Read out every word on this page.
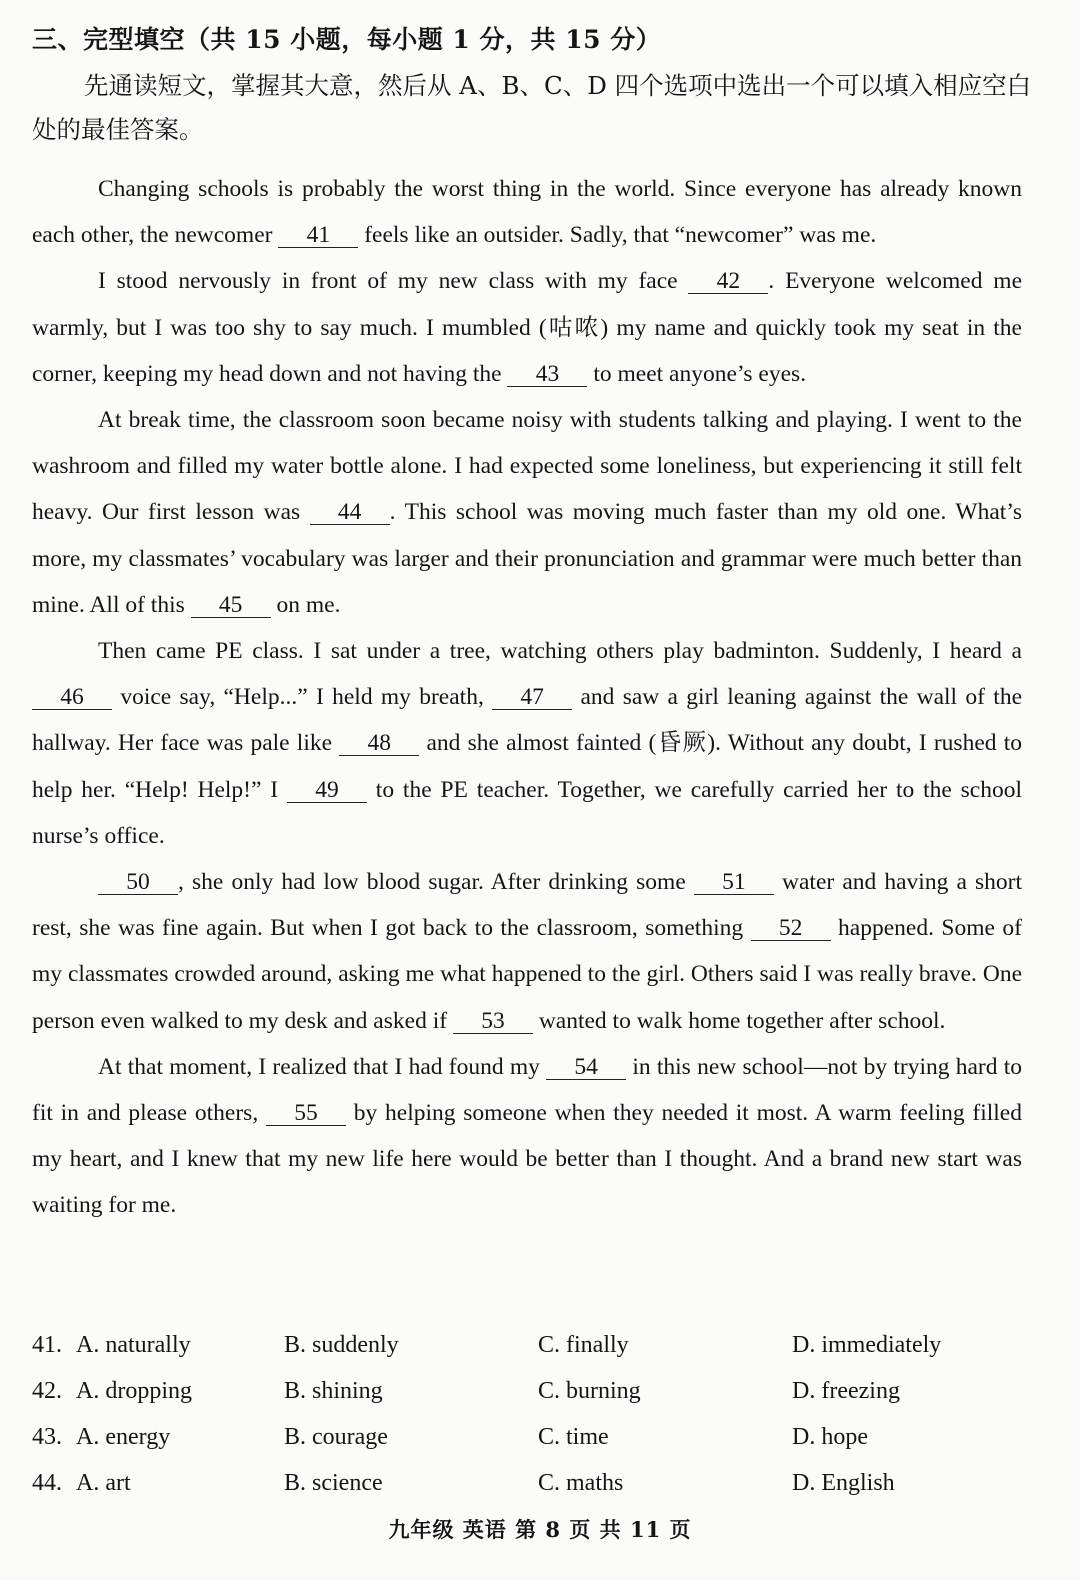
三、完型填空（共 15 小题，每小题 1 分，共 15 分）
先通读短文，掌握其大意，然后从 A、B、C、D 四个选项中选出一个可以填入相应空白处的最佳答案。

Changing schools is probably the worst thing in the world. Since everyone has already known each other, the newcomer 41 feels like an outsider. Sadly, that “newcomer” was me.

I stood nervously in front of my new class with my face 42 . Everyone welcomed me warmly, but I was too shy to say much. I mumbled (咕哝) my name and quickly took my seat in the corner, keeping my head down and not having the 43 to meet anyone’s eyes.

At break time, the classroom soon became noisy with students talking and playing. I went to the washroom and filled my water bottle alone. I had expected some loneliness, but experiencing it still felt heavy. Our first lesson was 44 . This school was moving much faster than my old one. What’s more, my classmates’ vocabulary was larger and their pronunciation and grammar were much better than mine. All of this 45 on me.

Then came PE class. I sat under a tree, watching others play badminton. Suddenly, I heard a 46 voice say, “Help...” I held my breath, 47 and saw a girl leaning against the wall of the hallway. Her face was pale like 48 and she almost fainted (昏厥). Without any doubt, I rushed to help her. “Help! Help!” I 49 to the PE teacher. Together, we carefully carried her to the school nurse’s office.

50 , she only had low blood sugar. After drinking some 51 water and having a short rest, she was fine again. But when I got back to the classroom, something 52 happened. Some of my classmates crowded around, asking me what happened to the girl. Others said I was really brave. One person even walked to my desk and asked if 53 wanted to walk home together after school.

At that moment, I realized that I had found my 54 in this new school—not by trying hard to fit in and please others, 55 by helping someone when they needed it most. A warm feeling filled my heart, and I knew that my new life here would be better than I thought. And a brand new start was waiting for me.

41. A. naturally	B. suddenly	C. finally	D. immediately
42. A. dropping	B. shining	C. burning	D. freezing
43. A. energy	B. courage	C. time	D. hope
44. A. art	B. science	C. maths	D. English
九年级 英语 第 8 页 共 11 页
